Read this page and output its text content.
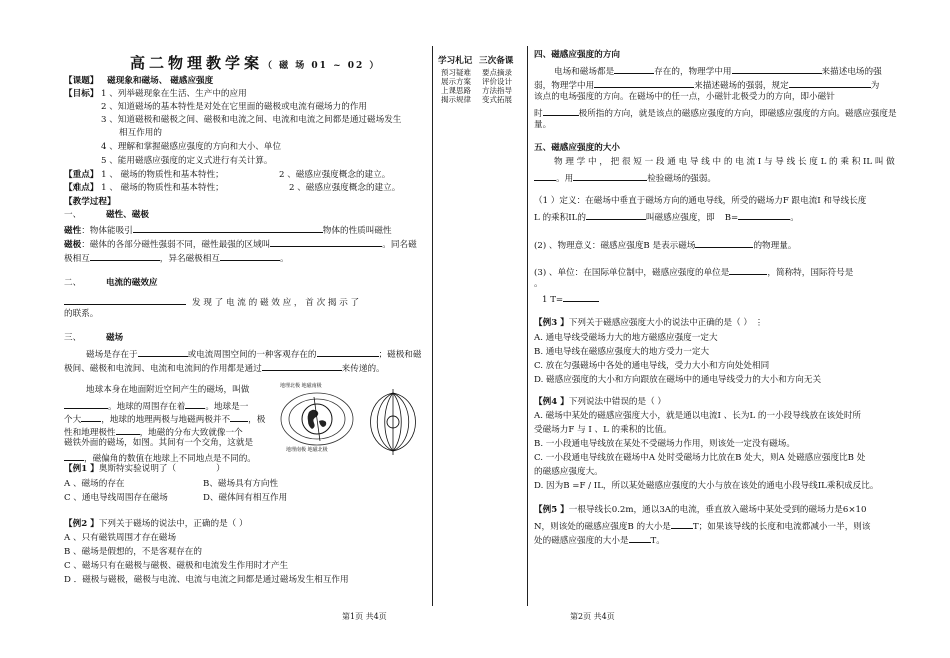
高二物理教学案（ 磁 场 01 ~ 02 ）
【课题】 磁现象和磁场、 磁感应强度
【目标】 1 、列举磁现象在生活、生产中的应用
2 、知道磁场的基本特性是对处在它里面的磁极或电流有磁场力的作用
3 、知道磁极和磁极之间、磁极和电流之间、电流和电流之间都是通过磁场发生
相互作用的
4 、理解和掌握磁感应强度的方向和大小、单位
5 、能用磁感应强度的定义式进行有关计算。
【重点】 1 、 磁场的物质性和基本特性；	2 、磁感应强度概念的建立。
【难点】 1 、 磁场的物质性和基本特性；	2 、磁感应强度概念的建立。
【教学过程】
一、	磁性、磁极
磁性：物体能吸引	物体的性质叫磁性
磁极：磁体的各部分磁性强弱不同，磁性最强的区域叫	。同名磁
极相互	，异名磁极相互	。
二、	电流的磁效应
发 现 了 电 流 的 磁 效 应 ， 首 次 揭 示 了
的联系。
三、	磁场
磁场是存在于	或电流周围空间的一种客观存在的	；磁极和磁
极间、磁极和电流间、电流和电流间的作用都是通过	来传递的。
地球本身在地面附近空间产生的磁场，叫做
。地球的周围存在着 。地球是一
个大 ，地球的地理两极与地磁两极并不 ，极
性和地理极性	，地磁的分布大致就像一个
磁铁外面的磁场，如图。其间有一个交角，这就是
，磁偏角的数值在地球上不同地点是不同的。
地理北极 地磁南极
地理南极 地磁北极
【例1 】奥斯特实验说明了（	）
A 、磁场的存在	B、磁场具有方向性
C 、通电导线周围存在磁场	D、磁体间有相互作用
【例2 】下列关于磁场的说法中，正确的是（ ）
A 、只有磁铁周围才存在磁场
B 、磁场是假想的，不是客观存在的
C 、磁场只有在磁极与磁极、磁极和电流发生作用时才产生
D ．磁极与磁极，磁极与电流、电流与电流之间都是通过磁场发生相互作用
第1页 共4页
学习札记 三次备课
预习疑难 要点摘录
展示方案 评价设计
上课思路 方法指导
揭示规律 变式拓展
四、磁感应强度的方向
电场和磁场都是	存在的，物理学中用	来描述电场的强
弱，物理学中用	来描述磁场的强弱，规定	为
该点的电场强度的方向。在磁场中的任一点，小磁针北极受力的方向，即小磁针
时	极所指的方向，就是该点的磁感应强度的方向，即磁感应强度的方向。磁感应强度是
量。
五、磁感应强度的大小
物 理 学 中 ， 把 很 短 一 段 通 电 导 线 中 的 电 流 I 与 导 线 长 度 L 的 乘 积 IL 叫 做
。用	检验磁场的强弱。
（1 ）定义：在磁场中垂直于磁场方向的通电导线，所受的磁场力F 跟电流I 和导线长度
L 的乘积IL的	叫磁感应强度，即 B=	。
(2) 、物理意义：磁感应强度B 是表示磁场	的物理量。
(3) 、单位：在国际单位制中，磁感应强度的单位是	，简称特，国际符号是
。
1 T=
【例3 】下列关于磁感应强度大小的说法中正确的是（ ） ⋮
A. 通电导线受磁场力大的地方磁感应强度一定大
B. 通电导线在磁感应强度大的地方受力一定大
C. 放在匀强磁场中各处的通电导线，受力大小和方向处处相同
D. 磁感应强度的大小和方向跟放在磁场中的通电导线受力的大小和方向无关
【例4 】下列说法中错误的是（ ）
A. 磁场中某处的磁感应强度大小，就是通以电流I 、长为L 的一小段导线放在该处时所
受磁场力F 与 I 、L 的乘积的比值。
B. 一小段通电导线放在某处不受磁场力作用，则该处一定没有磁场。
C. 一小段通电导线放在磁场中A 处时受磁场力比放在B 处大，则A 处磁感应强度比B 处
的磁感应强度大。
D. 因为B =F / IL，所以某处磁感应强度的大小与放在该处的通电小段导线IL乘积成反比。
【例5 】一根导线长0.2m，通以3A的电流，垂直放入磁场中某处受到的磁场力是6×10
N，则该处的磁感应强度B 的大小是	T；如果该导线的长度和电流都减小一半，则该
处的磁感应强度的大小是	T。
第2页 共4页
